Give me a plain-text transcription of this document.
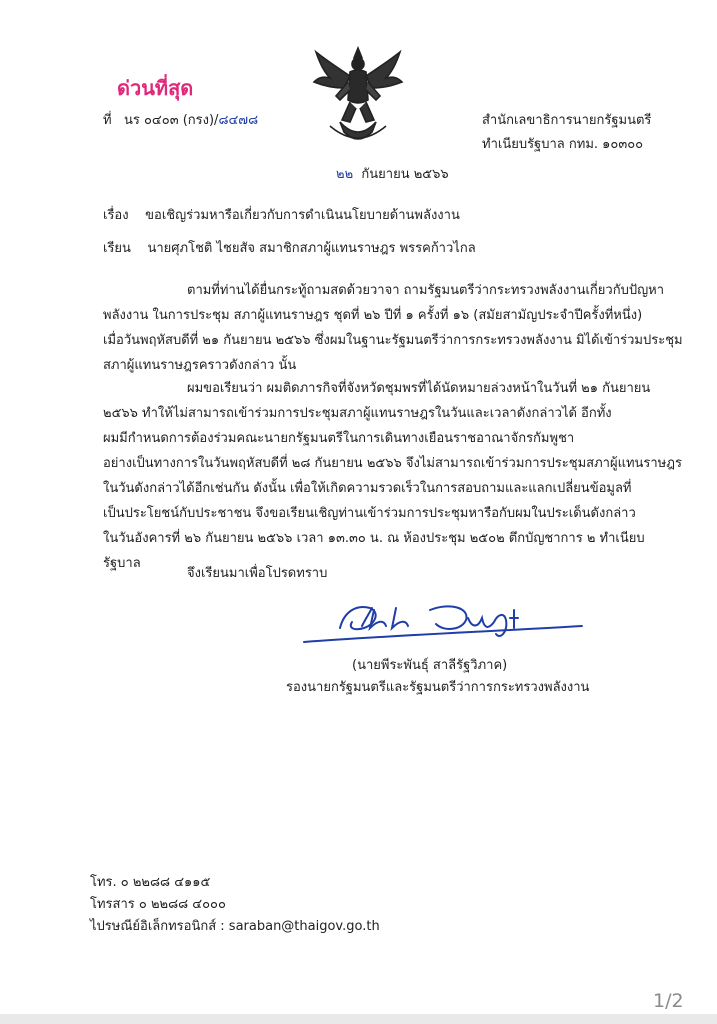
ด่วนที่สุด
ที่ นร ๐๔๐๓ (กรง)/๘๔๗๘	สำนักเลขาธิการนายกรัฐมนตรี
ทำเนียบรัฐบาล กทม. ๑๐๓๐๐
๒๒ กันยายน ๒๕๖๖
เรื่อง ขอเชิญร่วมหารือเกี่ยวกับการดำเนินนโยบายด้านพลังงาน
เรียน นายศุภโชติ ไชยสัจ สมาชิกสภาผู้แทนราษฎร พรรคก้าวไกล
ตามที่ท่านได้ยื่นกระทู้ถามสดด้วยวาจา ถามรัฐมนตรีว่ากระทรวงพลังงานเกี่ยวกับปัญหา
พลังงาน ในการประชุม สภาผู้แทนราษฎร ชุดที่ ๒๖ ปีที่ ๑ ครั้งที่ ๑๖ (สมัยสามัญประจำปีครั้งที่หนึ่ง)
เมื่อวันพฤหัสบดีที่ ๒๑ กันยายน ๒๕๖๖ ซึ่งผมในฐานะรัฐมนตรีว่าการกระทรวงพลังงาน มิได้เข้าร่วมประชุม
สภาผู้แทนราษฎรคราวดังกล่าว นั้น
ผมขอเรียนว่า ผมติดภารกิจที่จังหวัดชุมพรที่ได้นัดหมายล่วงหน้าในวันที่ ๒๑ กันยายน
๒๕๖๖ ทำให้ไม่สามารถเข้าร่วมการประชุมสภาผู้แทนราษฎรในวันและเวลาดังกล่าวได้ อีกทั้ง
ผมมีกำหนดการต้องร่วมคณะนายกรัฐมนตรีในการเดินทางเยือนราชอาณาจักรกัมพูชา
อย่างเป็นทางการในวันพฤหัสบดีที่ ๒๘ กันยายน ๒๕๖๖ จึงไม่สามารถเข้าร่วมการประชุมสภาผู้แทนราษฎร
ในวันดังกล่าวได้อีกเช่นกัน ดังนั้น เพื่อให้เกิดความรวดเร็วในการสอบถามและแลกเปลี่ยนข้อมูลที่
เป็นประโยชน์กับประชาชน จึงขอเรียนเชิญท่านเข้าร่วมการประชุมหารือกับผมในประเด็นดังกล่าว
ในวันอังคารที่ ๒๖ กันยายน ๒๕๖๖ เวลา ๑๓.๓๐ น. ณ ห้องประชุม ๒๕๐๒ ตึกบัญชาการ ๒ ทำเนียบ
รัฐบาล
จึงเรียนมาเพื่อโปรดทราบ
(นายพีระพันธุ์ สาลีรัฐวิภาค)
รองนายกรัฐมนตรีและรัฐมนตรีว่าการกระทรวงพลังงาน
โทร. ๐ ๒๒๘๘ ๔๑๑๕
โทรสาร ๐ ๒๒๘๘ ๔๐๐๐
ไปรษณีย์อิเล็กทรอนิกส์ : saraban@thaigov.go.th
1/2
